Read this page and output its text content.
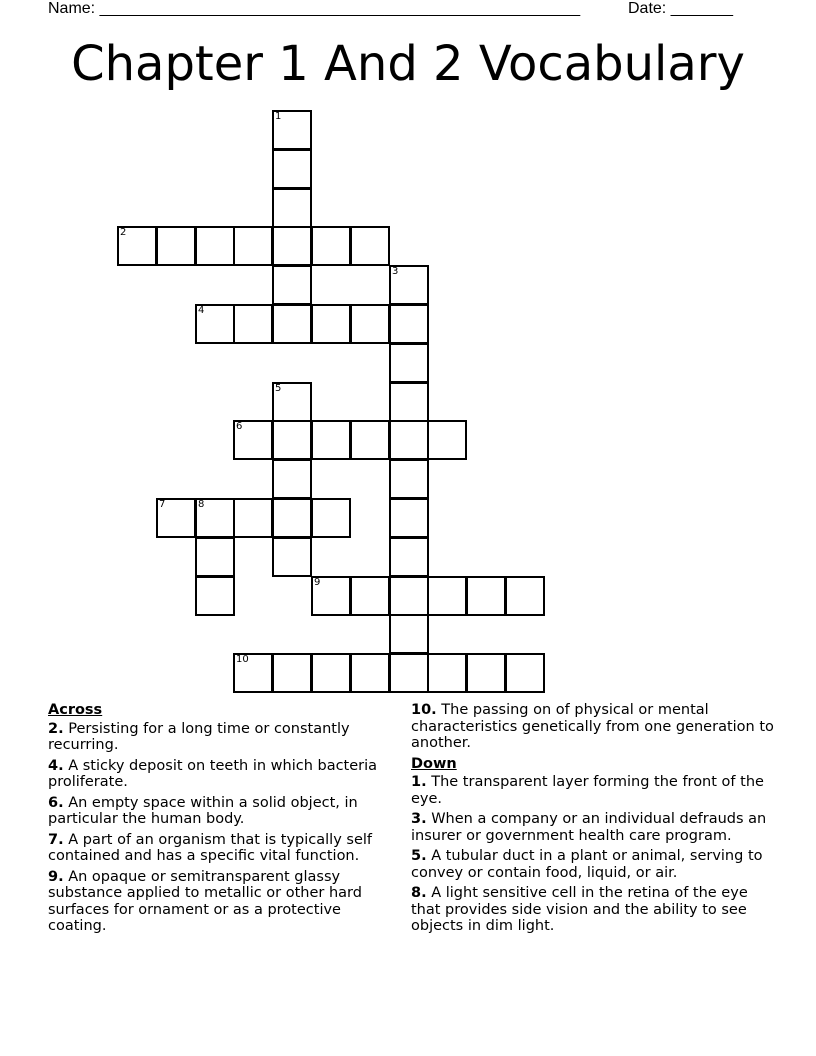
Name: ______________________________________________________	Date: _______
Chapter 1 And 2 Vocabulary
1
2
3
4
5
6
7	8
9
10
Across
2. Persisting for a long time or constantly recurring.
4. A sticky deposit on teeth in which bacteria proliferate.
6. An empty space within a solid object, in particular the human body.
7. A part of an organism that is typically self contained and has a specific vital function.
9. An opaque or semitransparent glassy substance applied to metallic or other hard surfaces for ornament or as a protective coating.
10. The passing on of physical or mental characteristics genetically from one generation to another.
Down
1. The transparent layer forming the front of the eye.
3. When a company or an individual defrauds an insurer or government health care program.
5. A tubular duct in a plant or animal, serving to convey or contain food, liquid, or air.
8. A light sensitive cell in the retina of the eye that provides side vision and the ability to see objects in dim light.
